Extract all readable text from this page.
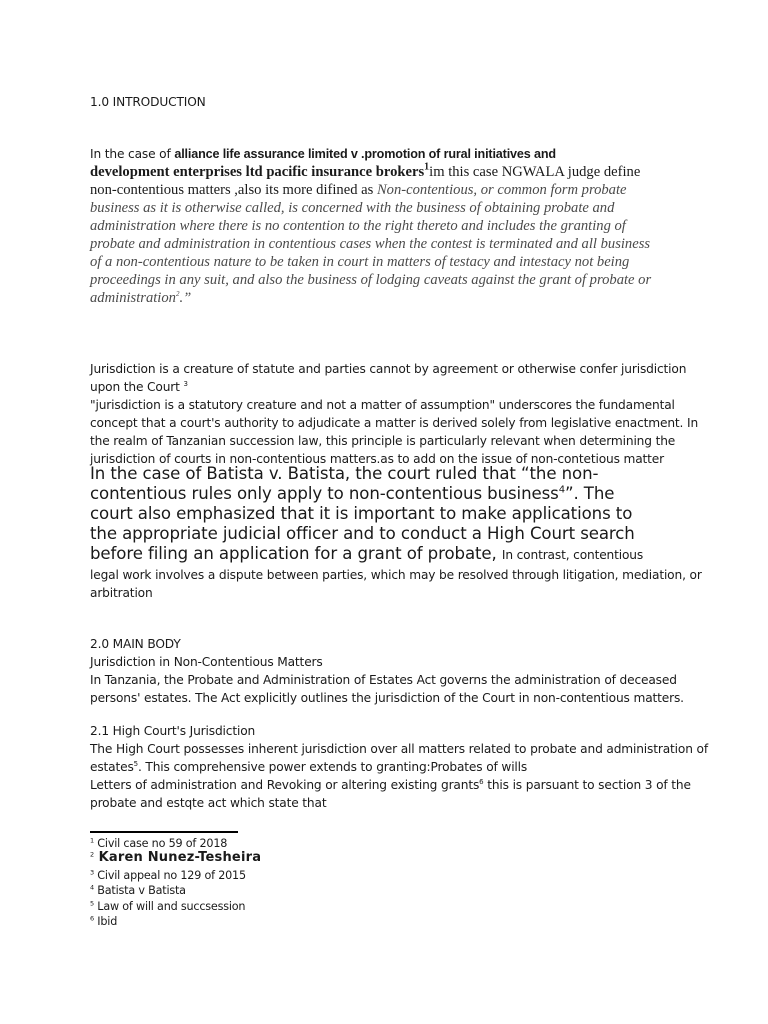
1.0 INTRODUCTION
In the case of alliance life assurance limited v .promotion of rural initiatives and
development enterprises ltd pacific insurance brokers$^1$im this case NGWALA judge define
non-contentious matters ,also its more difined as Non-contentious, or common form probate
business as it is otherwise called, is concerned with the business of obtaining probate and
administration where there is no contention to the right thereto and includes the granting of
probate and administration in contentious cases when the contest is terminated and all business
of a non-contentious nature to be taken in court in matters of testacy and intestacy not being
proceedings in any suit, and also the business of lodging caveats against the grant of probate or
administration$^2$.”
Jurisdiction is a creature of statute and parties cannot by agreement or otherwise confer jurisdiction
upon the Court $^3$
"jurisdiction is a statutory creature and not a matter of assumption" underscores the fundamental
concept that a court's authority to adjudicate a matter is derived solely from legislative enactment. In
the realm of Tanzanian succession law, this principle is particularly relevant when determining the
jurisdiction of courts in non-contentious matters.as to add on the issue of non-contetious matter
In the case of Batista v. Batista, the court ruled that “the non-
contentious rules only apply to non-contentious business$^4$”. The
court also emphasized that it is important to make applications to
the appropriate judicial officer and to conduct a High Court search
before filing an application for a grant of probate, In contrast, contentious
legal work involves a dispute between parties, which may be resolved through litigation, mediation, or
arbitration
2.0 MAIN BODY
Jurisdiction in Non-Contentious Matters
In Tanzania, the Probate and Administration of Estates Act governs the administration of deceased
persons' estates. The Act explicitly outlines the jurisdiction of the Court in non-contentious matters.
2.1 High Court's Jurisdiction
The High Court possesses inherent jurisdiction over all matters related to probate and administration of
estates$^5$. This comprehensive power extends to granting:Probates of wills
Letters of administration and Revoking or altering existing grants$^6$ this is parsuant to section 3 of the
probate and estqte act which state that
$^1$ Civil case no 59 of 2018
$^2$ Karen Nunez-Tesheira
$^3$ Civil appeal no 129 of 2015
$^4$ Batista v Batista
$^5$ Law of will and succsession
$^6$ Ibid
